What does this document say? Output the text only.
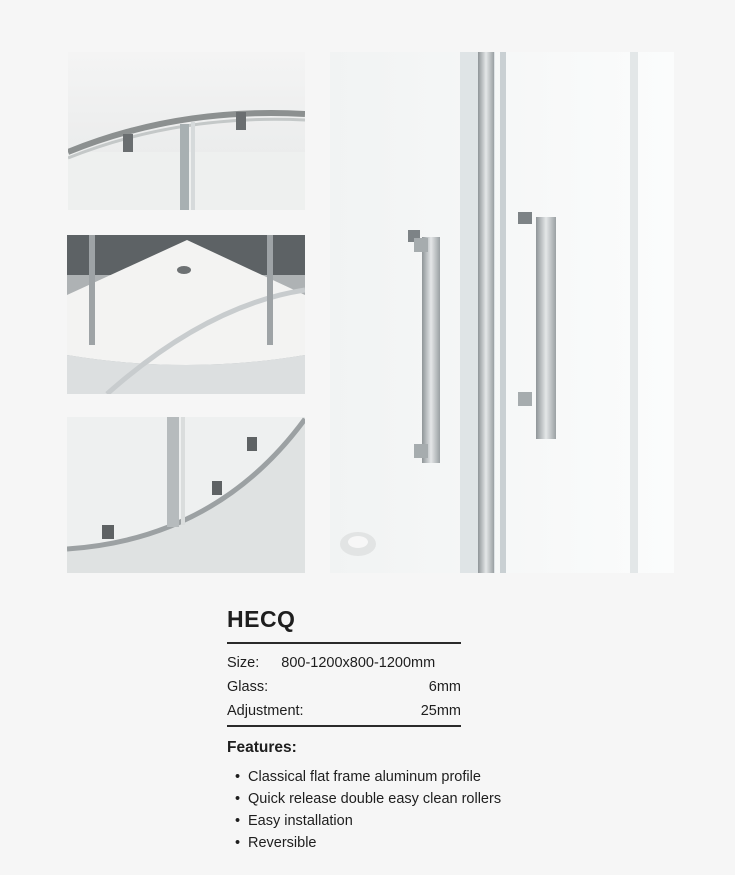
HECQ
Size: 800-1200x800-1200mm
Glass:	6mm
Adjustment:	25mm
Features:
• Classical flat frame aluminum profile
• Quick release double easy clean rollers
• Easy installation
• Reversible
